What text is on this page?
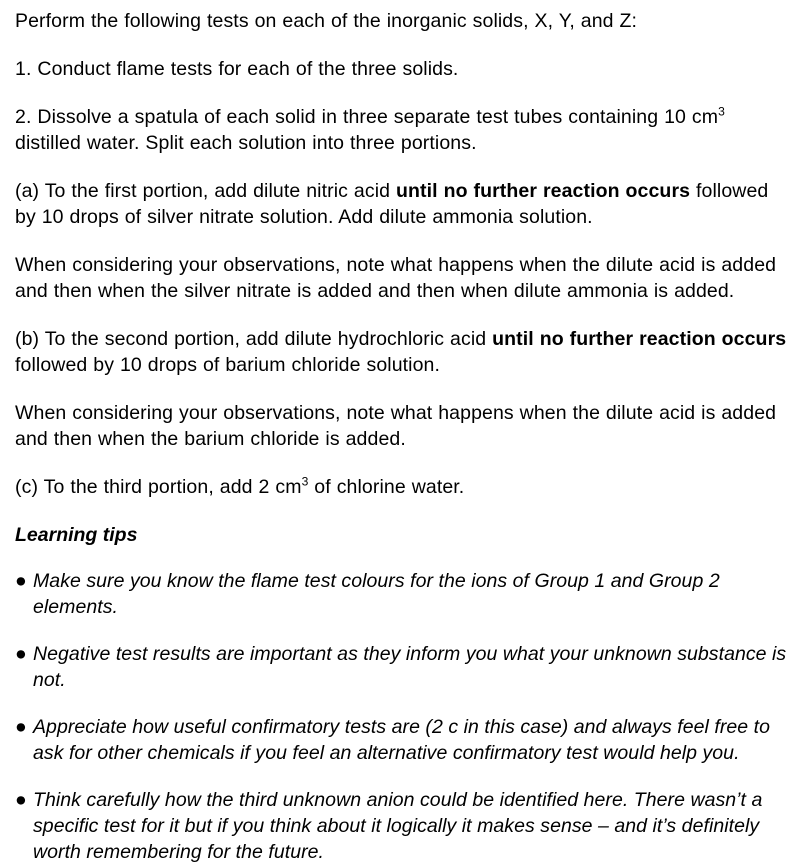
Perform the following tests on each of the inorganic solids, X, Y, and Z:

1. Conduct flame tests for each of the three solids.

2. Dissolve a spatula of each solid in three separate test tubes containing 10 $cm^3$ distilled water. Split each solution into three portions.

(a) To the first portion, add dilute nitric acid until no further reaction occurs followed by 10 drops of silver nitrate solution. Add dilute ammonia solution.

When considering your observations, note what happens when the dilute acid is added and then when the silver nitrate is added and then when dilute ammonia is added.

(b) To the second portion, add dilute hydrochloric acid until no further reaction occurs followed by 10 drops of barium chloride solution.

When considering your observations, note what happens when the dilute acid is added and then when the barium chloride is added.

(c) To the third portion, add 2 $cm^3$ of chlorine water.

Learning tips

● Make sure you know the flame test colours for the ions of Group 1 and Group 2 elements.

● Negative test results are important as they inform you what your unknown substance is not.

● Appreciate how useful confirmatory tests are (2 c in this case) and always feel free to ask for other chemicals if you feel an alternative confirmatory test would help you.

● Think carefully how the third unknown anion could be identified here. There wasn’t a specific test for it but if you think about it logically it makes sense – and it’s definitely worth remembering for the future.
